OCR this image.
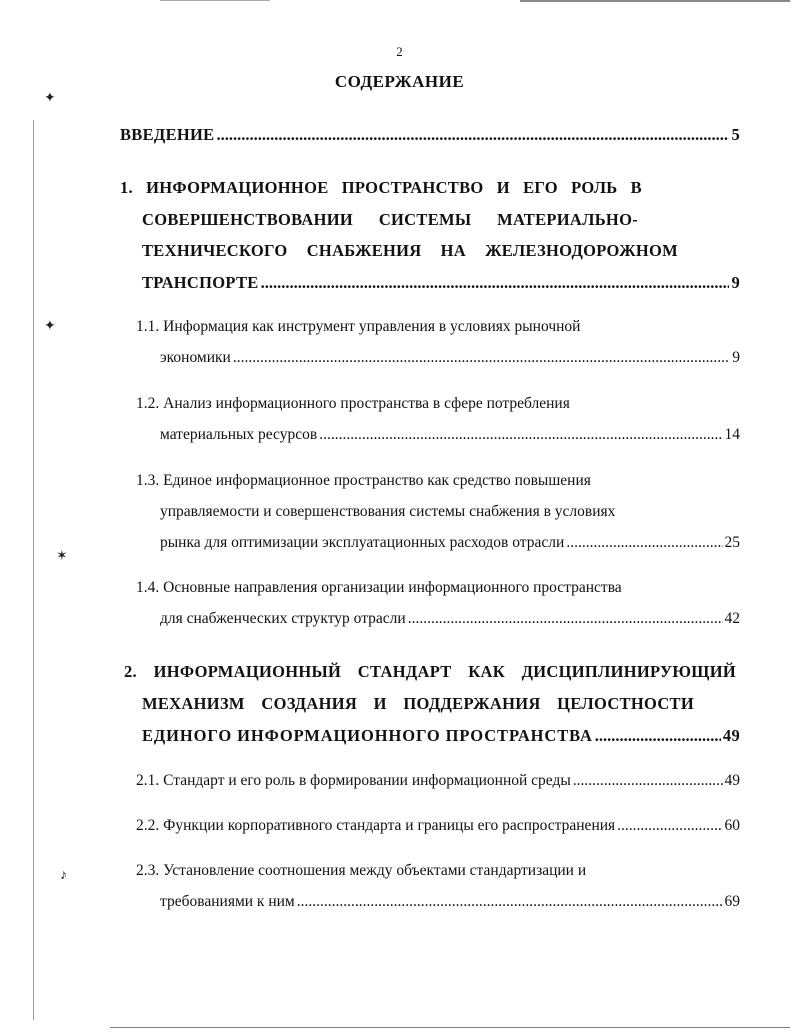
✦
✦
✶
♪
2
СОДЕРЖАНИЕ
ВВЕДЕНИЕ .....	5
1. ИНФОРМАЦИОННОЕ ПРОСТРАНСТВО И ЕГО РОЛЬ В
СОВЕРШЕНСТВОВАНИИ СИСТЕМЫ МАТЕРИАЛЬНО-
ТЕХНИЧЕСКОГО СНАБЖЕНИЯ НА ЖЕЛЕЗНОДОРОЖНОМ
ТРАНСПОРТЕ .....	9
1.1. Информация как инструмент управления в условиях рыночной
экономики .....	9
1.2. Анализ информационного пространства в сфере потребления
материальных ресурсов .....	14
1.3. Единое информационное пространство как средство повышения
управляемости и совершенствования системы снабжения в условиях
рынка для оптимизации эксплуатационных расходов отрасли .....	25
1.4. Основные направления организации информационного пространства
для снабженческих структур отрасли .....	42
2. ИНФОРМАЦИОННЫЙ СТАНДАРТ КАК ДИСЦИПЛИНИРУЮЩИЙ
МЕХАНИЗМ СОЗДАНИЯ И ПОДДЕРЖАНИЯ ЦЕЛОСТНОСТИ
ЕДИНОГО ИНФОРМАЦИОННОГО ПРОСТРАНСТВА .....	49
2.1. Стандарт и его роль в формировании информационной среды .....	49
2.2. Функции корпоративного стандарта и границы его распространения .....	60
2.3. Установление соотношения между объектами стандартизации и
требованиями к ним .....	69
